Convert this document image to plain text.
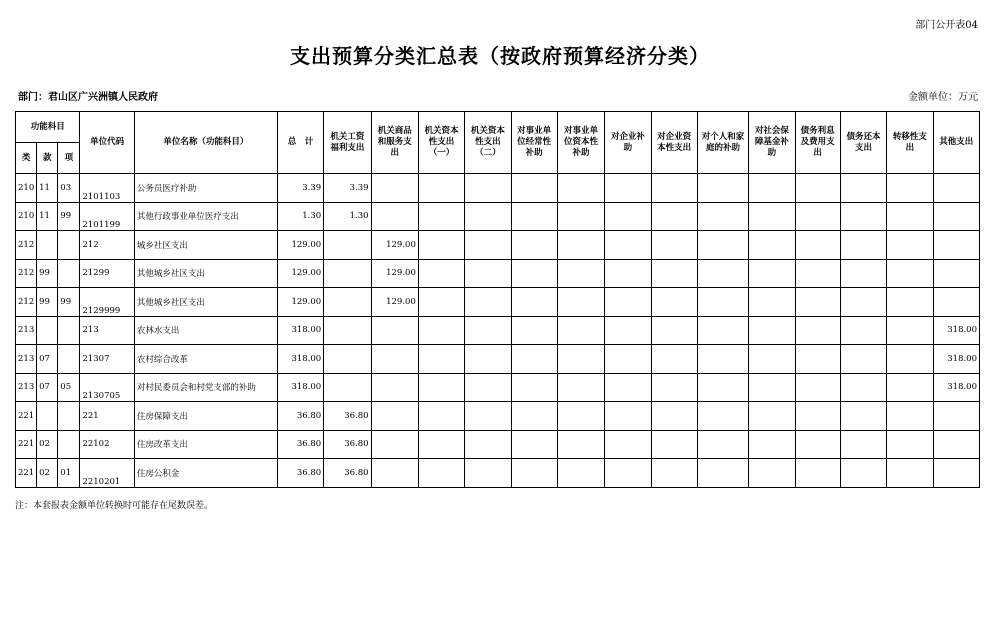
部门公开表04
支出预算分类汇总表（按政府预算经济分类）
部门：君山区广兴洲镇人民政府	金额单位：万元
功能科目			单位代码	单位名称（功能科目）	总　计	机关工资福利支出	机关商品和服务支出	机关资本性支出（一）	机关资本性支出（二）	对事业单位经常性补助	对事业单位资本性补助	对企业补助	对企业资本性支出	对个人和家庭的补助	对社会保障基金补助	债务利息及费用支出	债务还本支出	转移性支出	其他支出
类	款	项																	
210	11	03	2101103	公务员医疗补助	3.39	3.39													
210	11	99	2101199	其他行政事业单位医疗支出	1.30	1.30													
212			212	城乡社区支出	129.00		129.00												
212	99		21299	其他城乡社区支出	129.00		129.00												
212	99	99	2129999	其他城乡社区支出	129.00		129.00												
213			213	农林水支出	318.00														318.00
213	07		21307	农村综合改革	318.00														318.00
213	07	05	2130705	对村民委员会和村党支部的补助	318.00														318.00
221			221	住房保障支出	36.80	36.80													
221	02		22102	住房改革支出	36.80	36.80													
221	02	01	2210201	住房公积金	36.80	36.80													
注：本套报表金额单位转换时可能存在尾数误差。
